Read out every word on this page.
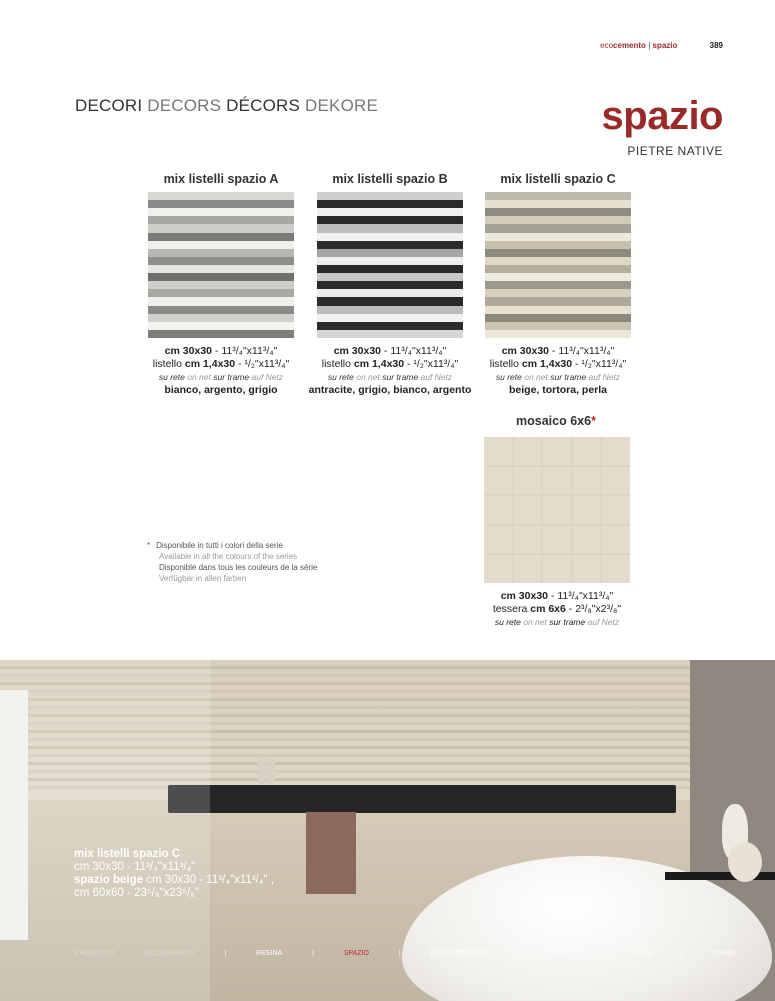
ecocemento | spazio	389
DECORI DECORS DÉCORS DEKORE	spazio
PIETRE NATIVE
mix listelli spazio A
cm 30x30 - 11³/₄"x11³/₄"
listello cm 1,4x30 - ¹/₂"x11³/₄"
su rete on net sur trame auf Netz
bianco, argento, grigio
mix listelli spazio B
cm 30x30 - 11³/₄"x11³/₄"
listello cm 1,4x30 - ¹/₂"x11³/₄"
su rete on net sur trame auf Netz
antracite, grigio, bianco, argento
mix listelli spazio C
cm 30x30 - 11³/₄"x11³/₄"
listello cm 1,4x30 - ¹/₂"x11³/₄"
su rete on net sur trame auf Netz
beige, tortora, perla
mosaico 6x6*
cm 30x30 - 11³/₄"x11³/₄"
tessera cm 6x6 - 2³/₈"x2³/₈"
su rete on net sur trame auf Netz
* Disponibile in tutti i colori della serie
Available in all the colours of the series
Disponible dans tous les couleurs de la série
Verfügbar in allen farben
mix listelli spazio C
cm 30x30 - 11³/₄"x11³/₄"
spazio beige cm 30x30 - 11³/₄"x11³/₄" ,
cm 60x60 - 23⁵/₈"x23⁵/₈"
PRODOTTO	ECOCEMENTO	|	RESINA	|	SPAZIO	|	ECO CONCRETE	|	OPUS	|	CITTÀ	|	LIVING
